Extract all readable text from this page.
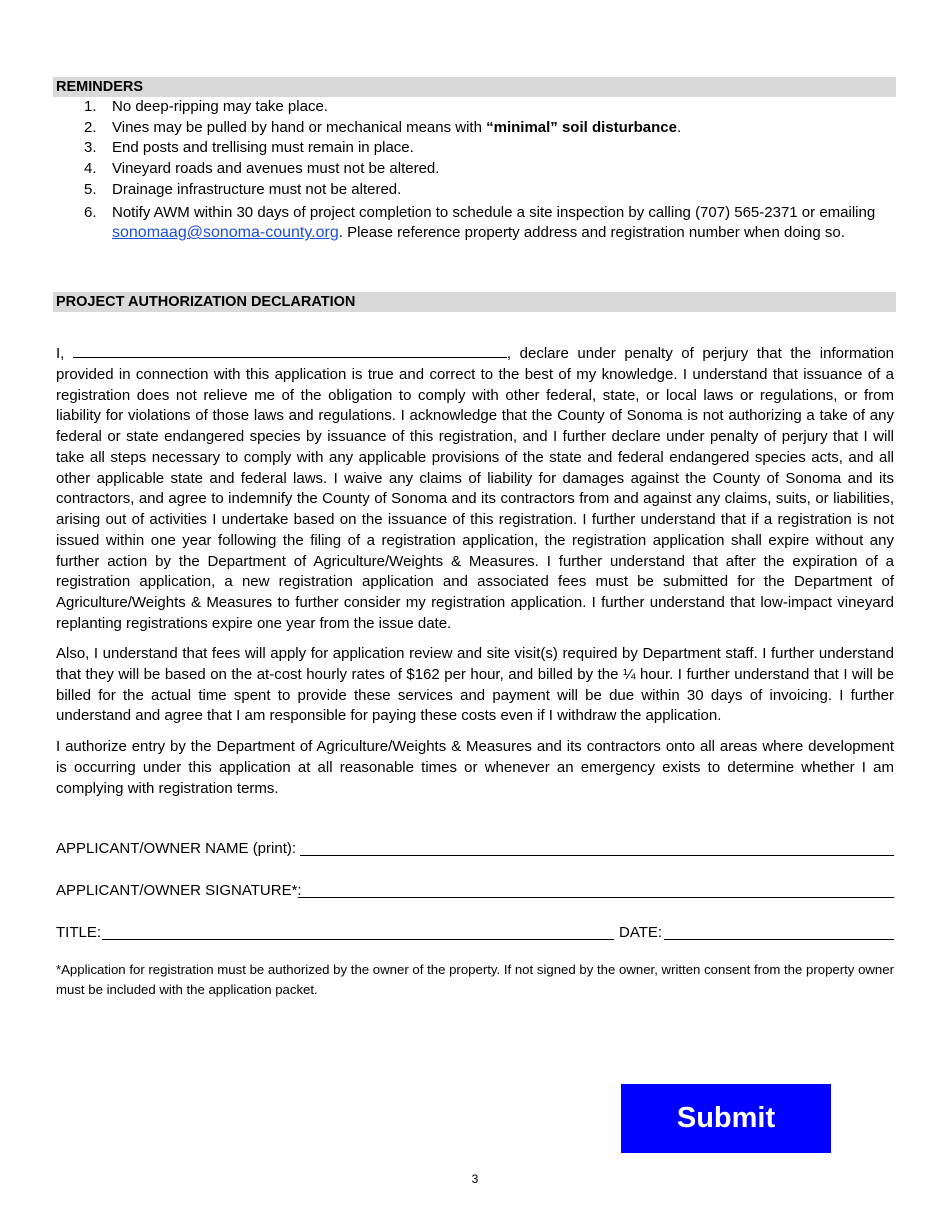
REMINDERS
1. No deep-ripping may take place.
2. Vines may be pulled by hand or mechanical means with “minimal” soil disturbance.
3. End posts and trellising must remain in place.
4. Vineyard roads and avenues must not be altered.
5. Drainage infrastructure must not be altered.
6. Notify AWM within 30 days of project completion to schedule a site inspection by calling (707) 565-2371 or emailing sonomaag@sonoma-county.org. Please reference property address and registration number when doing so.
PROJECT AUTHORIZATION DECLARATION
I,	, declare under penalty of perjury that the information provided in connection with this application is true and correct to the best of my knowledge. I understand that issuance of a registration does not relieve me of the obligation to comply with other federal, state, or local laws or regulations, or from liability for violations of those laws and regulations. I acknowledge that the County of Sonoma is not authorizing a take of any federal or state endangered species by issuance of this registration, and I further declare under penalty of perjury that I will take all steps necessary to comply with any applicable provisions of the state and federal endangered species acts, and all other applicable state and federal laws. I waive any claims of liability for damages against the County of Sonoma and its contractors, and agree to indemnify the County of Sonoma and its contractors from and against any claims, suits, or liabilities, arising out of activities I undertake based on the issuance of this registration. I further understand that if a registration is not issued within one year following the filing of a registration application, the registration application shall expire without any further action by the Department of Agriculture/Weights & Measures. I further understand that after the expiration of a registration application, a new registration application and associated fees must be submitted for the Department of Agriculture/Weights & Measures to further consider my registration application. I further understand that low-impact vineyard replanting registrations expire one year from the issue date.
Also, I understand that fees will apply for application review and site visit(s) required by Department staff. I further understand that they will be based on the at-cost hourly rates of $162 per hour, and billed by the ¼ hour. I further understand that I will be billed for the actual time spent to provide these services and payment will be due within 30 days of invoicing. I further understand and agree that I am responsible for paying these costs even if I withdraw the application.
I authorize entry by the Department of Agriculture/Weights & Measures and its contractors onto all areas where development is occurring under this application at all reasonable times or whenever an emergency exists to determine whether I am complying with registration terms.
APPLICANT/OWNER NAME (print):
APPLICANT/OWNER SIGNATURE*:
TITLE:	DATE:
*Application for registration must be authorized by the owner of the property. If not signed by the owner, written consent from the property owner must be included with the application packet.
Submit
3
